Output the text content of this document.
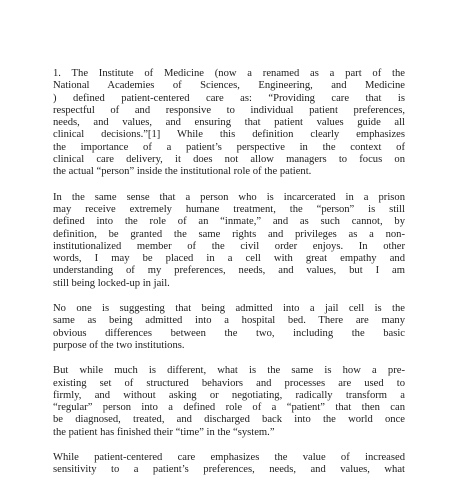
1. The Institute of Medicine (now a renamed as a part of the
National Academies of Sciences, Engineering, and Medicine
) defined patient-centered care as: “Providing care that is
respectful of and responsive to individual patient preferences,
needs, and values, and ensuring that patient values guide all
clinical decisions.”[1] While this definition clearly emphasizes
the importance of a patient’s perspective in the context of
clinical care delivery, it does not allow managers to focus on
the actual “person” inside the institutional role of the patient.

In the same sense that a person who is incarcerated in a prison
may receive extremely humane treatment, the “person” is still
defined into the role of an “inmate,” and as such cannot, by
definition, be granted the same rights and privileges as a non-
institutionalized member of the civil order enjoys. In other
words, I may be placed in a cell with great empathy and
understanding of my preferences, needs, and values, but I am
still being locked-up in jail.

No one is suggesting that being admitted into a jail cell is the
same as being admitted into a hospital bed. There are many
obvious differences between the two, including the basic
purpose of the two institutions.

But while much is different, what is the same is how a pre-
existing set of structured behaviors and processes are used to
firmly, and without asking or negotiating, radically transform a
“regular” person into a defined role of a “patient” that then can
be diagnosed, treated, and discharged back into the world once
the patient has finished their “time” in the “system.”

While patient-centered care emphasizes the value of increased
sensitivity to a patient’s preferences, needs, and values, what
